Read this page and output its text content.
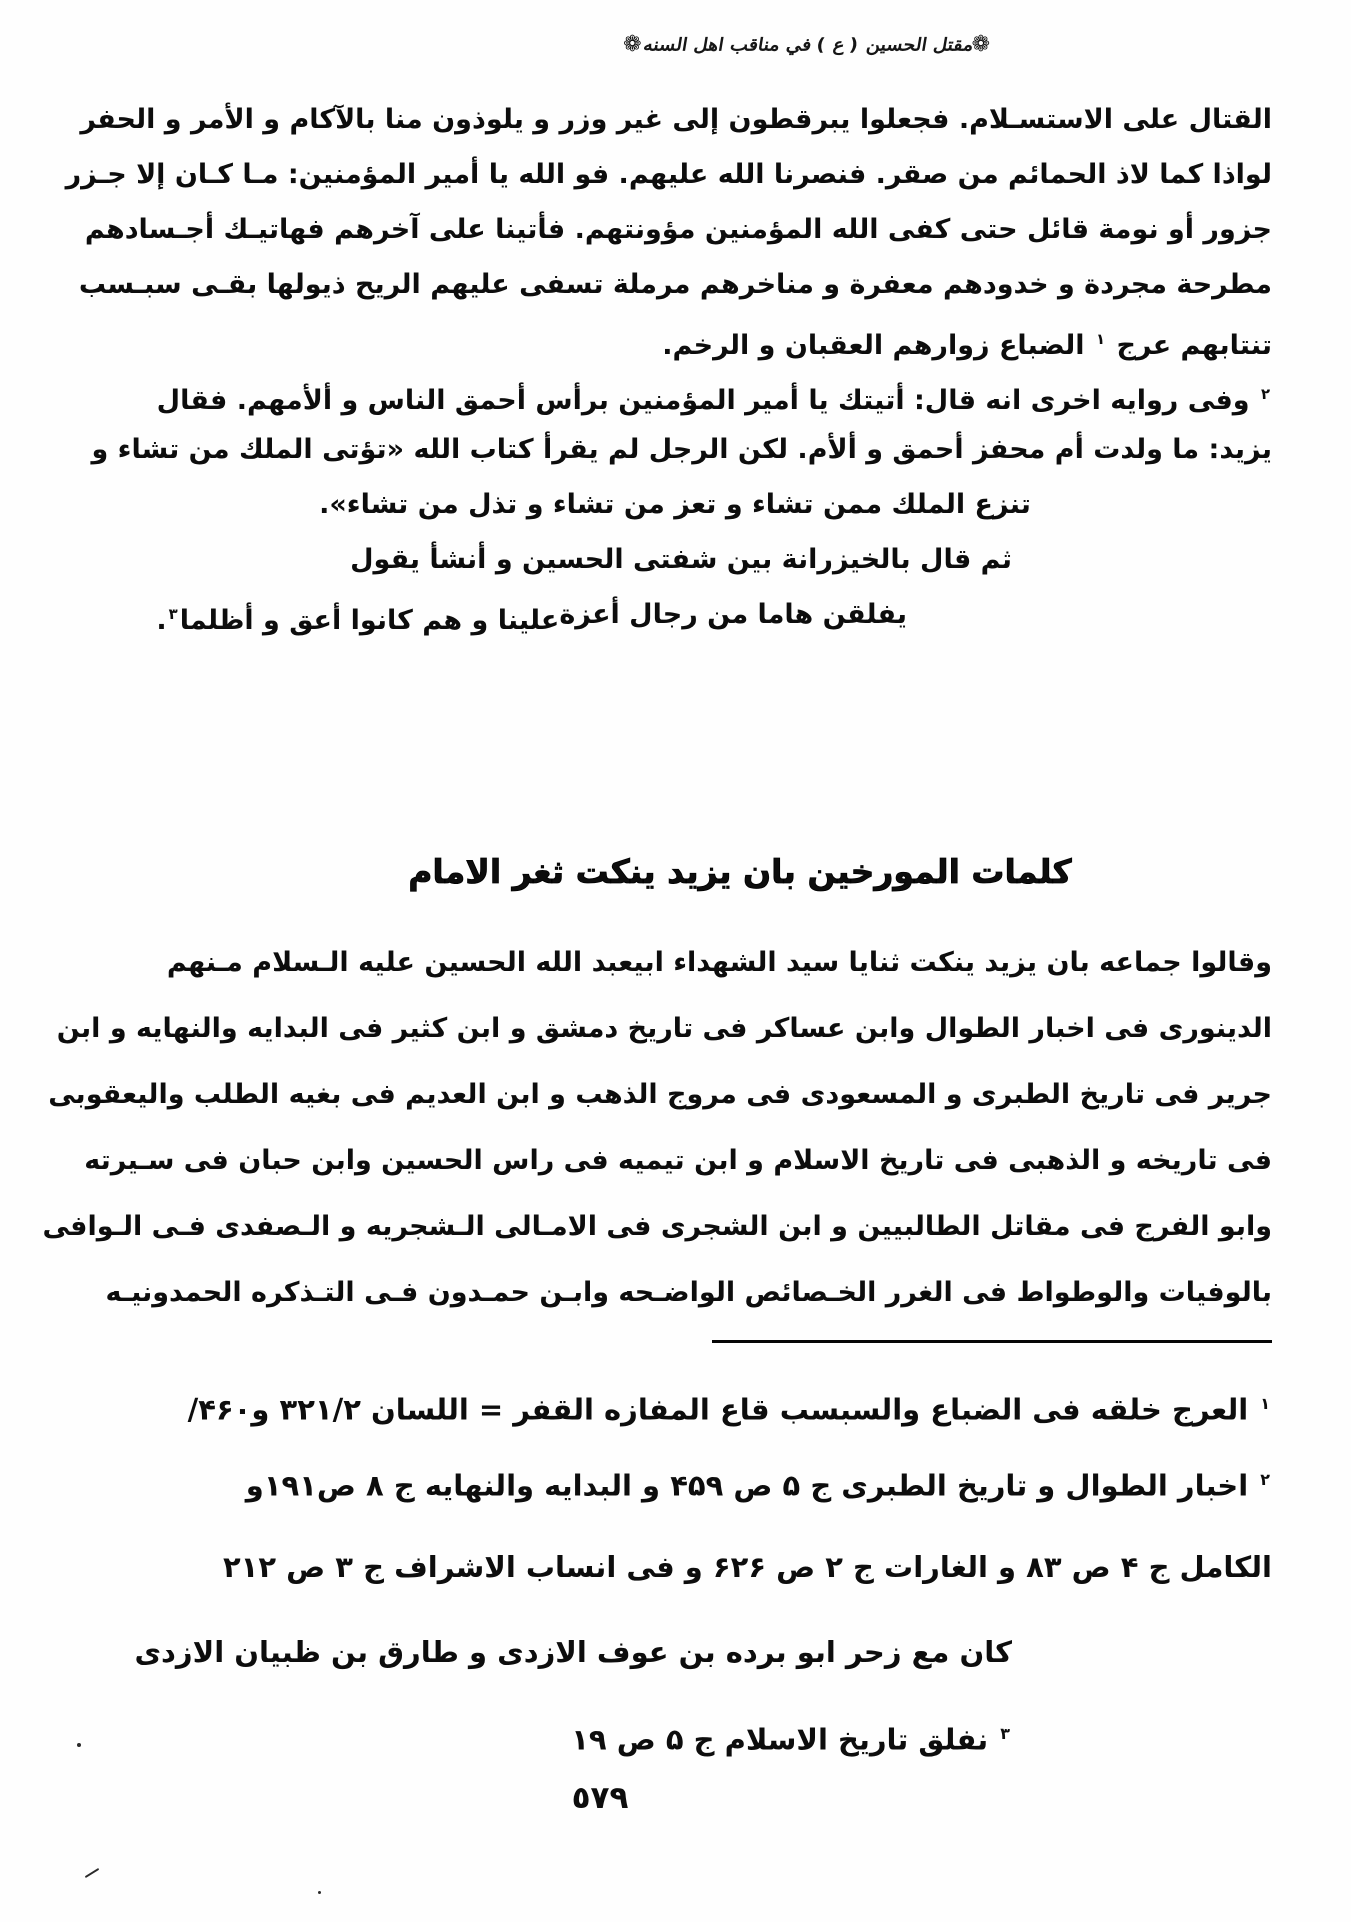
❁
مقتل الحسين ( ع ) في مناقب اهل السنه
❁
القتال على الاستسـلام. فجعلوا يبرقطون إلى غير وزر و يلوذون منا بالآكام و الأمر و الحفر
لواذا كما لاذ الحمائم من صقر. فنصرنا الله عليهم. فو الله يا أمير المؤمنين: مـا كـان إلا جـزر
جزور أو نومة قائل حتى كفى الله المؤمنين مؤونتهم. فأتينا على آخرهم فهاتيـك أجـسادهم
مطرحة مجردة و خدودهم معفرة و مناخرهم مرملة تسفى عليهم الريح ذيولها بقـى سبـسب
تنتابهم عرج $^١$ الضباع زوارهم العقبان و الرخم.
$^٢$ وفى روايه اخرى انه قال: أتيتك يا أمير المؤمنين برأس أحمق الناس و ألأمهم. فقال
يزيد: ما ولدت أم محفز أحمق و ألأم. لكن الرجل لم يقرأ كتاب الله «تؤتى الملك من تشاء و
تنزع الملك ممن تشاء و تعز من تشاء و تذل من تشاء».
ثم قال بالخيزرانة بين شفتى الحسين و أنشأ يقول
يفلقن هاما من رجال أعزة
علينا و هم كانوا أعق و أظلما$^٣$.
كلمات المورخين بان يزيد ينكت ثغر الامام
وقالوا جماعه بان يزيد ينكت ثنايا سيد الشهداء ابيعبد الله الحسين عليه الـسلام مـنهم
الدينورى فى اخبار الطوال وابن عساكر فى تاريخ دمشق و ابن كثير فى البدايه والنهايه و ابن
جرير فى تاريخ الطبرى و المسعودى فى مروج الذهب و ابن العديم فى بغيه الطلب واليعقوبى
فى تاريخه و الذهبى فى تاريخ الاسلام و ابن تيميه فى راس الحسين وابن حبان فى سـيرته
وابو الفرج فى مقاتل الطالبيين و ابن الشجرى فى الامـالى الـشجريه و الـصفدى فـى الـوافى
بالوفيات والوطواط فى الغرر الخـصائص الواضـحه وابـن حمـدون فـى التـذكره الحمدونيـه
$^١$ العرج خلقه فى الضباع والسبسب قاع المفازه القفر = اللسان ۳۲۱/۲ و۴۶۰/
$^٢$ اخبار الطوال و تاريخ الطبرى ج ۵ ص ۴۵۹ و البدايه والنهايه ج ۸ ص۱۹۱و
الكامل ج ۴ ص ۸۳ و الغارات ج ۲ ص ۶۲۶ و فى انساب الاشراف ج ۳ ص ۲۱۲
كان مع زحر ابو برده بن عوف الازدى و طارق بن ظبيان الازدى
$^٣$ نفلق تاريخ الاسلام ج ۵ ص ۱۹
٥٧٩
